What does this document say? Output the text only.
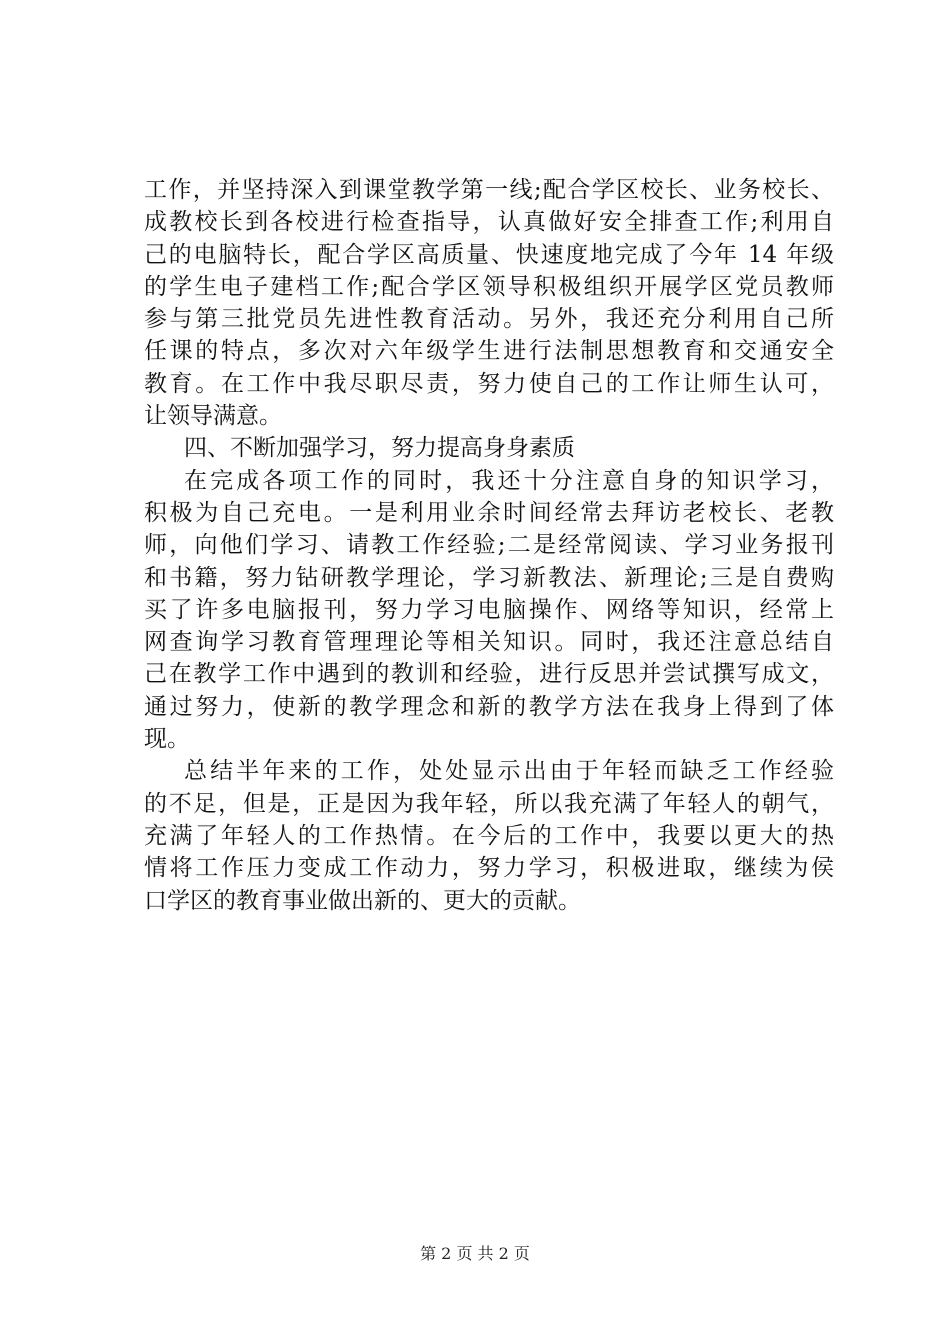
工作，并坚持深入到课堂教学第一线;配合学区校长、业务校长、
成教校长到各校进行检查指导，认真做好安全排查工作;利用自
己的电脑特长，配合学区高质量、快速度地完成了今年 14 年级
的学生电子建档工作;配合学区领导积极组织开展学区党员教师
参与第三批党员先进性教育活动。另外，我还充分利用自己所
任课的特点，多次对六年级学生进行法制思想教育和交通安全
教育。在工作中我尽职尽责，努力使自己的工作让师生认可，
让领导满意。
四、不断加强学习，努力提高身身素质
在完成各项工作的同时，我还十分注意自身的知识学习，
积极为自己充电。一是利用业余时间经常去拜访老校长、老教
师，向他们学习、请教工作经验;二是经常阅读、学习业务报刊
和书籍，努力钻研教学理论，学习新教法、新理论;三是自费购
买了许多电脑报刊，努力学习电脑操作、网络等知识，经常上
网查询学习教育管理理论等相关知识。同时，我还注意总结自
己在教学工作中遇到的教训和经验，进行反思并尝试撰写成文，
通过努力，使新的教学理念和新的教学方法在我身上得到了体
现。
总结半年来的工作，处处显示出由于年轻而缺乏工作经验
的不足，但是，正是因为我年轻，所以我充满了年轻人的朝气，
充满了年轻人的工作热情。在今后的工作中，我要以更大的热
情将工作压力变成工作动力，努力学习，积极进取，继续为侯
口学区的教育事业做出新的、更大的贡献。
第 2 页 共 2 页
